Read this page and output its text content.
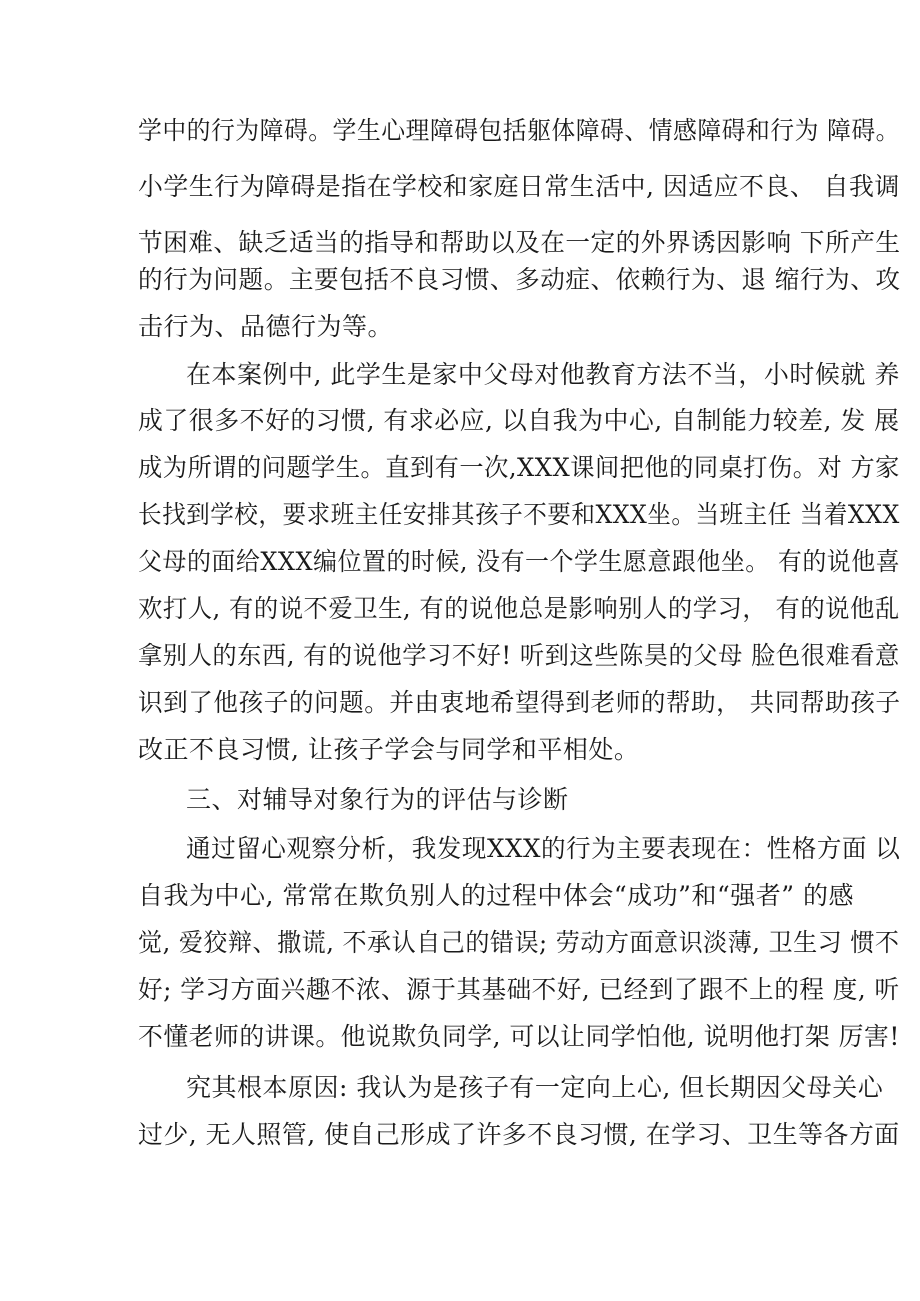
学中的行为障碍。学生心理障碍包括躯体障碍、情感障碍和行为 障碍。
小学生行为障碍是指在学校和家庭日常生活中, 因适应不良、 自我调
节困难、缺乏适当的指导和帮助以及在一定的外界诱因影响 下所产生
的行为问题。主要包括不良习惯、多动症、依赖行为、退 缩行为、攻
击行为、品德行为等。
在本案例中, 此学生是家中父母对他教育方法不当，小时候就 养
成了很多不好的习惯, 有求必应, 以自我为中心, 自制能力较差, 发 展
成为所谓的问题学生。直到有一次,XXX课间把他的同桌打伤。对 方家
长找到学校，要求班主任安排其孩子不要和XXX坐。当班主任 当着XXX
父母的面给XXX编位置的时候, 没有一个学生愿意跟他坐。 有的说他喜
欢打人, 有的说不爱卫生, 有的说他总是影响别人的学习， 有的说他乱
拿别人的东西, 有的说他学习不好! 听到这些陈昊的父母 脸色很难看意
识到了他孩子的问题。并由衷地希望得到老师的帮助， 共同帮助孩子
改正不良习惯, 让孩子学会与同学和平相处。
三、对辅导对象行为的评估与诊断
通过留心观察分析，我发现XXX的行为主要表现在：性格方面 以
自我为中心, 常常在欺负别人的过程中体会“成功”和“强者” 的感
觉, 爱狡辩、撒谎, 不承认自己的错误; 劳动方面意识淡薄, 卫生习 惯不
好; 学习方面兴趣不浓、源于其基础不好, 已经到了跟不上的程 度, 听
不懂老师的讲课。他说欺负同学, 可以让同学怕他, 说明他打架 厉害!
究其根本原因: 我认为是孩子有一定向上心, 但长期因父母关心
过少, 无人照管, 使自己形成了许多不良习惯, 在学习、卫生等各方面
